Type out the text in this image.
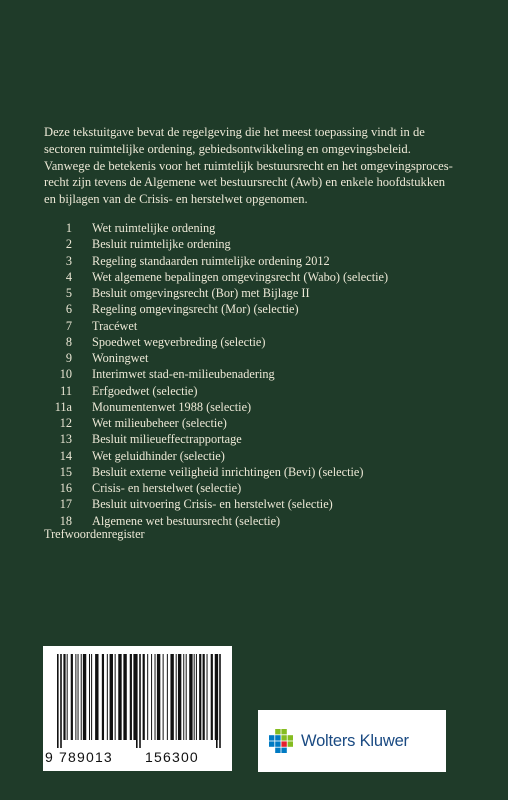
Deze tekstuitgave bevat de regelgeving die het meest toepassing vindt in de
sectoren ruimtelijke ordening, gebiedsontwikkeling en omgevingsbeleid.
Vanwege de betekenis voor het ruimtelijk bestuursrecht en het omgevingsproces-
recht zijn tevens de Algemene wet bestuursrecht (Awb) en enkele hoofdstukken
en bijlagen van de Crisis- en herstelwet opgenomen.
1	Wet ruimtelijke ordening
2	Besluit ruimtelijke ordening
3	Regeling standaarden ruimtelijke ordening 2012
4	Wet algemene bepalingen omgevingsrecht (Wabo) (selectie)
5	Besluit omgevingsrecht (Bor) met Bijlage II
6	Regeling omgevingsrecht (Mor) (selectie)
7	Tracéwet
8	Spoedwet wegverbreding (selectie)
9	Woningwet
10	Interimwet stad-en-milieubenadering
11	Erfgoedwet (selectie)
11a	Monumentenwet 1988 (selectie)
12	Wet milieubeheer (selectie)
13	Besluit milieueffectrapportage
14	Wet geluidhinder (selectie)
15	Besluit externe veiligheid inrichtingen (Bevi) (selectie)
16	Crisis- en herstelwet (selectie)
17	Besluit uitvoering Crisis- en herstelwet (selectie)
18	Algemene wet bestuursrecht (selectie)
Trefwoordenregister
9 789013	156300
Wolters Kluwer
